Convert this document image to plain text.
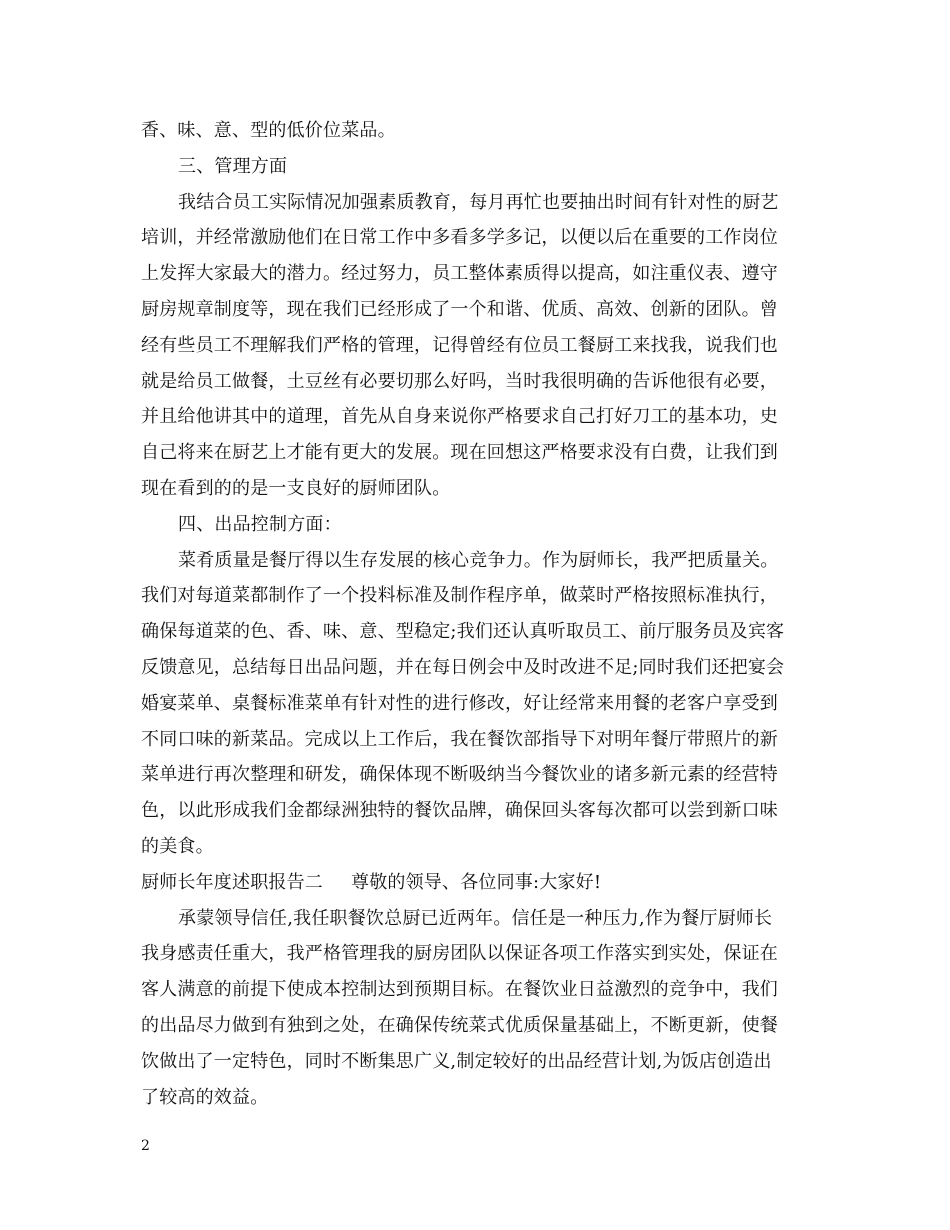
香、味、意、型的低价位菜品。
三、管理方面
我结合员工实际情况加强素质教育，每月再忙也要抽出时间有针对性的厨艺
培训，并经常激励他们在日常工作中多看多学多记，以便以后在重要的工作岗位
上发挥大家最大的潜力。经过努力，员工整体素质得以提高，如注重仪表、遵守
厨房规章制度等，现在我们已经形成了一个和谐、优质、高效、创新的团队。曾
经有些员工不理解我们严格的管理，记得曾经有位员工餐厨工来找我，说我们也
就是给员工做餐，土豆丝有必要切那么好吗，当时我很明确的告诉他很有必要，
并且给他讲其中的道理，首先从自身来说你严格要求自己打好刀工的基本功，史
自己将来在厨艺上才能有更大的发展。现在回想这严格要求没有白费，让我们到
现在看到的的是一支良好的厨师团队。
四、出品控制方面：
菜肴质量是餐厅得以生存发展的核心竞争力。作为厨师长，我严把质量关。
我们对每道菜都制作了一个投料标准及制作程序单，做菜时严格按照标准执行，
确保每道菜的色、香、味、意、型稳定;我们还认真听取员工、前厅服务员及宾客
反馈意见，总结每日出品问题，并在每日例会中及时改进不足;同时我们还把宴会
婚宴菜单、桌餐标准菜单有针对性的进行修改，好让经常来用餐的老客户享受到
不同口味的新菜品。完成以上工作后，我在餐饮部指导下对明年餐厅带照片的新
菜单进行再次整理和研发，确保体现不断吸纳当今餐饮业的诸多新元素的经营特
色，以此形成我们金都绿洲独特的餐饮品牌，确保回头客每次都可以尝到新口味
的美食。
厨师长年度述职报告二 尊敬的领导、各位同事:大家好!
承蒙领导信任,我任职餐饮总厨已近两年。信任是一种压力,作为餐厅厨师长
我身感责任重大，我严格管理我的厨房团队以保证各项工作落实到实处，保证在
客人满意的前提下使成本控制达到预期目标。在餐饮业日益激烈的竞争中，我们
的出品尽力做到有独到之处，在确保传统菜式优质保量基础上，不断更新，使餐
饮做出了一定特色，同时不断集思广义,制定较好的出品经营计划,为饭店创造出
了较高的效益。
2
